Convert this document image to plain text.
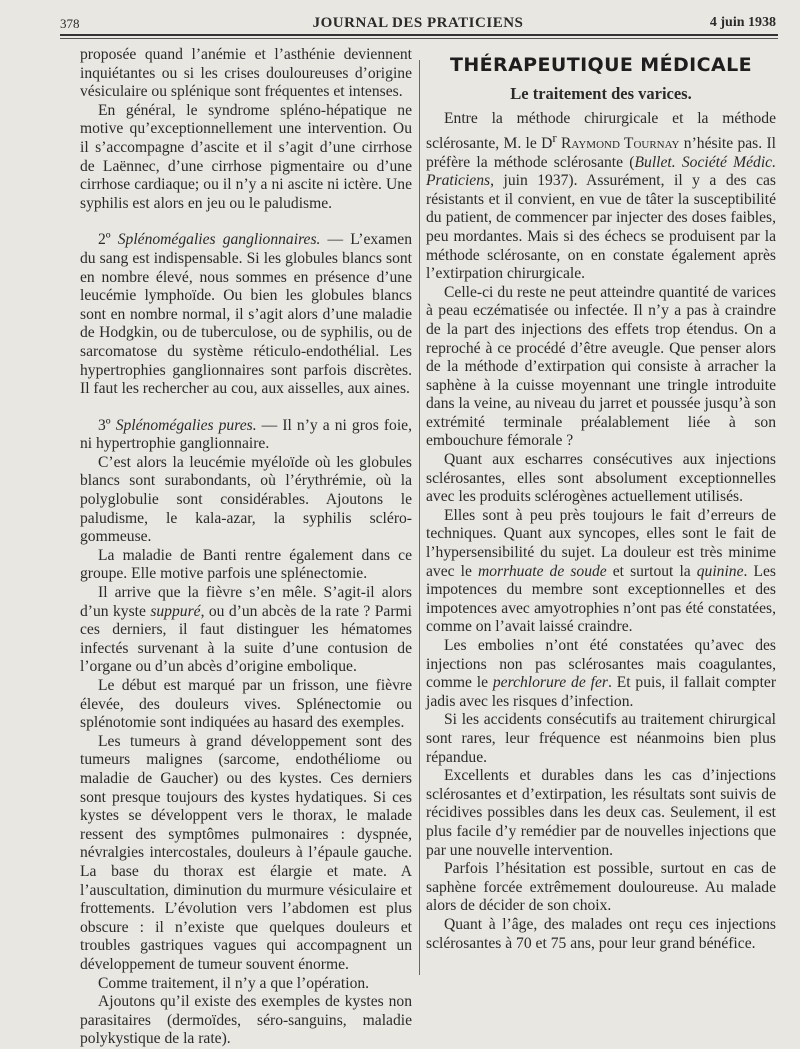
378	JOURNAL DES PRATICIENS	4 juin 1938

proposée quand l’anémie et l’asthénie deviennent inquiétantes ou si les crises douloureuses d’origine vésiculaire ou splénique sont fréquentes et intenses.

En général, le syndrome spléno-hépatique ne motive qu’exceptionnellement une intervention. Ou il s’accompagne d’ascite et il s’agit d’une cirrhose de Laënnec, d’une cirrhose pigmentaire ou d’une cirrhose cardiaque; ou il n’y a ni ascite ni ictère. Une syphilis est alors en jeu ou le paludisme.

2º Splénomégalies ganglionnaires. — L’examen du sang est indispensable. Si les globules blancs sont en nombre élevé, nous sommes en présence d’une leucémie lymphoïde. Ou bien les globules blancs sont en nombre normal, il s’agit alors d’une maladie de Hodgkin, ou de tuberculose, ou de syphilis, ou de sarcomatose du système réticulo-endothélial. Les hypertrophies ganglionnaires sont parfois discrètes. Il faut les rechercher au cou, aux aisselles, aux aines.

3º Splénomégalies pures. — Il n’y a ni gros foie, ni hypertrophie ganglionnaire.

C’est alors la leucémie myéloïde où les globules blancs sont surabondants, où l’érythrémie, où la polyglobulie sont considérables. Ajoutons le paludisme, le kala-azar, la syphilis scléro-gommeuse.

La maladie de Banti rentre également dans ce groupe. Elle motive parfois une splénectomie.

Il arrive que la fièvre s’en mêle. S’agit-il alors d’un kyste suppuré, ou d’un abcès de la rate ? Parmi ces derniers, il faut distinguer les hématomes infectés survenant à la suite d’une contusion de l’organe ou d’un abcès d’origine embolique.

Le début est marqué par un frisson, une fièvre élevée, des douleurs vives. Splénectomie ou splénotomie sont indiquées au hasard des exemples.

Les tumeurs à grand développement sont des tumeurs malignes (sarcome, endothéliome ou maladie de Gaucher) ou des kystes. Ces derniers sont presque toujours des kystes hydatiques. Si ces kystes se développent vers le thorax, le malade ressent des symptômes pulmonaires : dyspnée, névralgies intercostales, douleurs à l’épaule gauche. La base du thorax est élargie et mate. A l’auscultation, diminution du murmure vésiculaire et frottements. L’évolution vers l’abdomen est plus obscure : il n’existe que quelques douleurs et troubles gastriques vagues qui accompagnent un développement de tumeur souvent énorme.

Comme traitement, il n’y a que l’opération.

Ajoutons qu’il existe des exemples de kystes non parasitaires (dermoïdes, séro-sanguins, maladie polykystique de la rate).

THÉRAPEUTIQUE MÉDICALE
Le traitement des varices.

Entre la méthode chirurgicale et la méthode sclérosante, M. le $D^r$ Raymond Tournay n’hésite pas. Il préfère la méthode sclérosante (Bullet. Société Médic. Praticiens, juin 1937). Assurément, il y a des cas résistants et il convient, en vue de tâter la susceptibilité du patient, de commencer par injecter des doses faibles, peu mordantes. Mais si des échecs se produisent par la méthode sclérosante, on en constate également après l’extirpation chirurgicale.

Celle-ci du reste ne peut atteindre quantité de varices à peau eczématisée ou infectée. Il n’y a pas à craindre de la part des injections des effets trop étendus. On a reproché à ce procédé d’être aveugle. Que penser alors de la méthode d’extirpation qui consiste à arracher la saphène à la cuisse moyennant une tringle introduite dans la veine, au niveau du jarret et poussée jusqu’à son extrémité terminale préalablement liée à son embouchure fémorale ?

Quant aux escharres consécutives aux injections sclérosantes, elles sont absolument exceptionnelles avec les produits sclérogènes actuellement utilisés.

Elles sont à peu près toujours le fait d’erreurs de techniques. Quant aux syncopes, elles sont le fait de l’hypersensibilité du sujet. La douleur est très minime avec le morrhuate de soude et surtout la quinine. Les impotences du membre sont exceptionnelles et des impotences avec amyotrophies n’ont pas été constatées, comme on l’avait laissé craindre.

Les embolies n’ont été constatées qu’avec des injections non pas sclérosantes mais coagulantes, comme le perchlorure de fer. Et puis, il fallait compter jadis avec les risques d’infection.

Si les accidents consécutifs au traitement chirurgical sont rares, leur fréquence est néanmoins bien plus répandue.

Excellents et durables dans les cas d’injections sclérosantes et d’extirpation, les résultats sont suivis de récidives possibles dans les deux cas. Seulement, il est plus facile d’y remédier par de nouvelles injections que par une nouvelle intervention.

Parfois l’hésitation est possible, surtout en cas de saphène forcée extrêmement douloureuse. Au malade alors de décider de son choix.

Quant à l’âge, des malades ont reçu ces injections sclérosantes à 70 et 75 ans, pour leur grand bénéfice.
